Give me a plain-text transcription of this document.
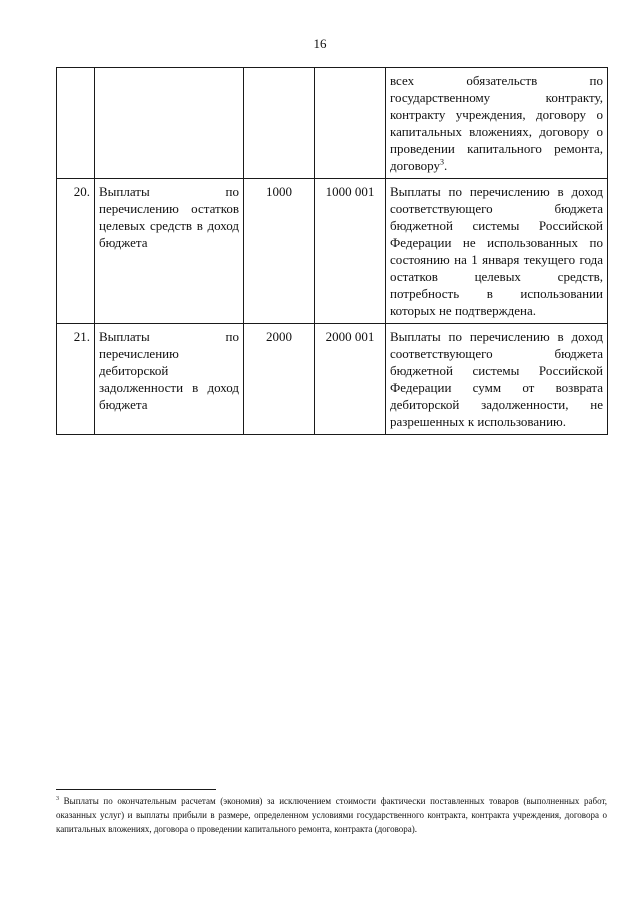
16
				всех обязательств по государственному контракту, контракту учреждения, договору о капитальных вложениях, договору о проведении капитального ремонта, договору$^3$.
20.	Выплаты по перечислению остатков целевых средств в доход бюджета	1000	1000 001	Выплаты по перечислению в доход соответствующего бюджета бюджетной системы Российской Федерации не использованных по состоянию на 1 января текущего года остатков целевых средств, потребность в использовании которых не подтверждена.
21.	Выплаты по перечислению дебиторской задолженности в доход бюджета	2000	2000 001	Выплаты по перечислению в доход соответствующего бюджета бюджетной системы Российской Федерации сумм от возврата дебиторской задолженности, не разрешенных к использованию.
$^3$ Выплаты по окончательным расчетам (экономия) за исключением стоимости фактически поставленных товаров (выполненных работ, оказанных услуг) и выплаты прибыли в размере, определенном условиями государственного контракта, контракта учреждения, договора о капитальных вложениях, договора о проведении капитального ремонта, контракта (договора).
